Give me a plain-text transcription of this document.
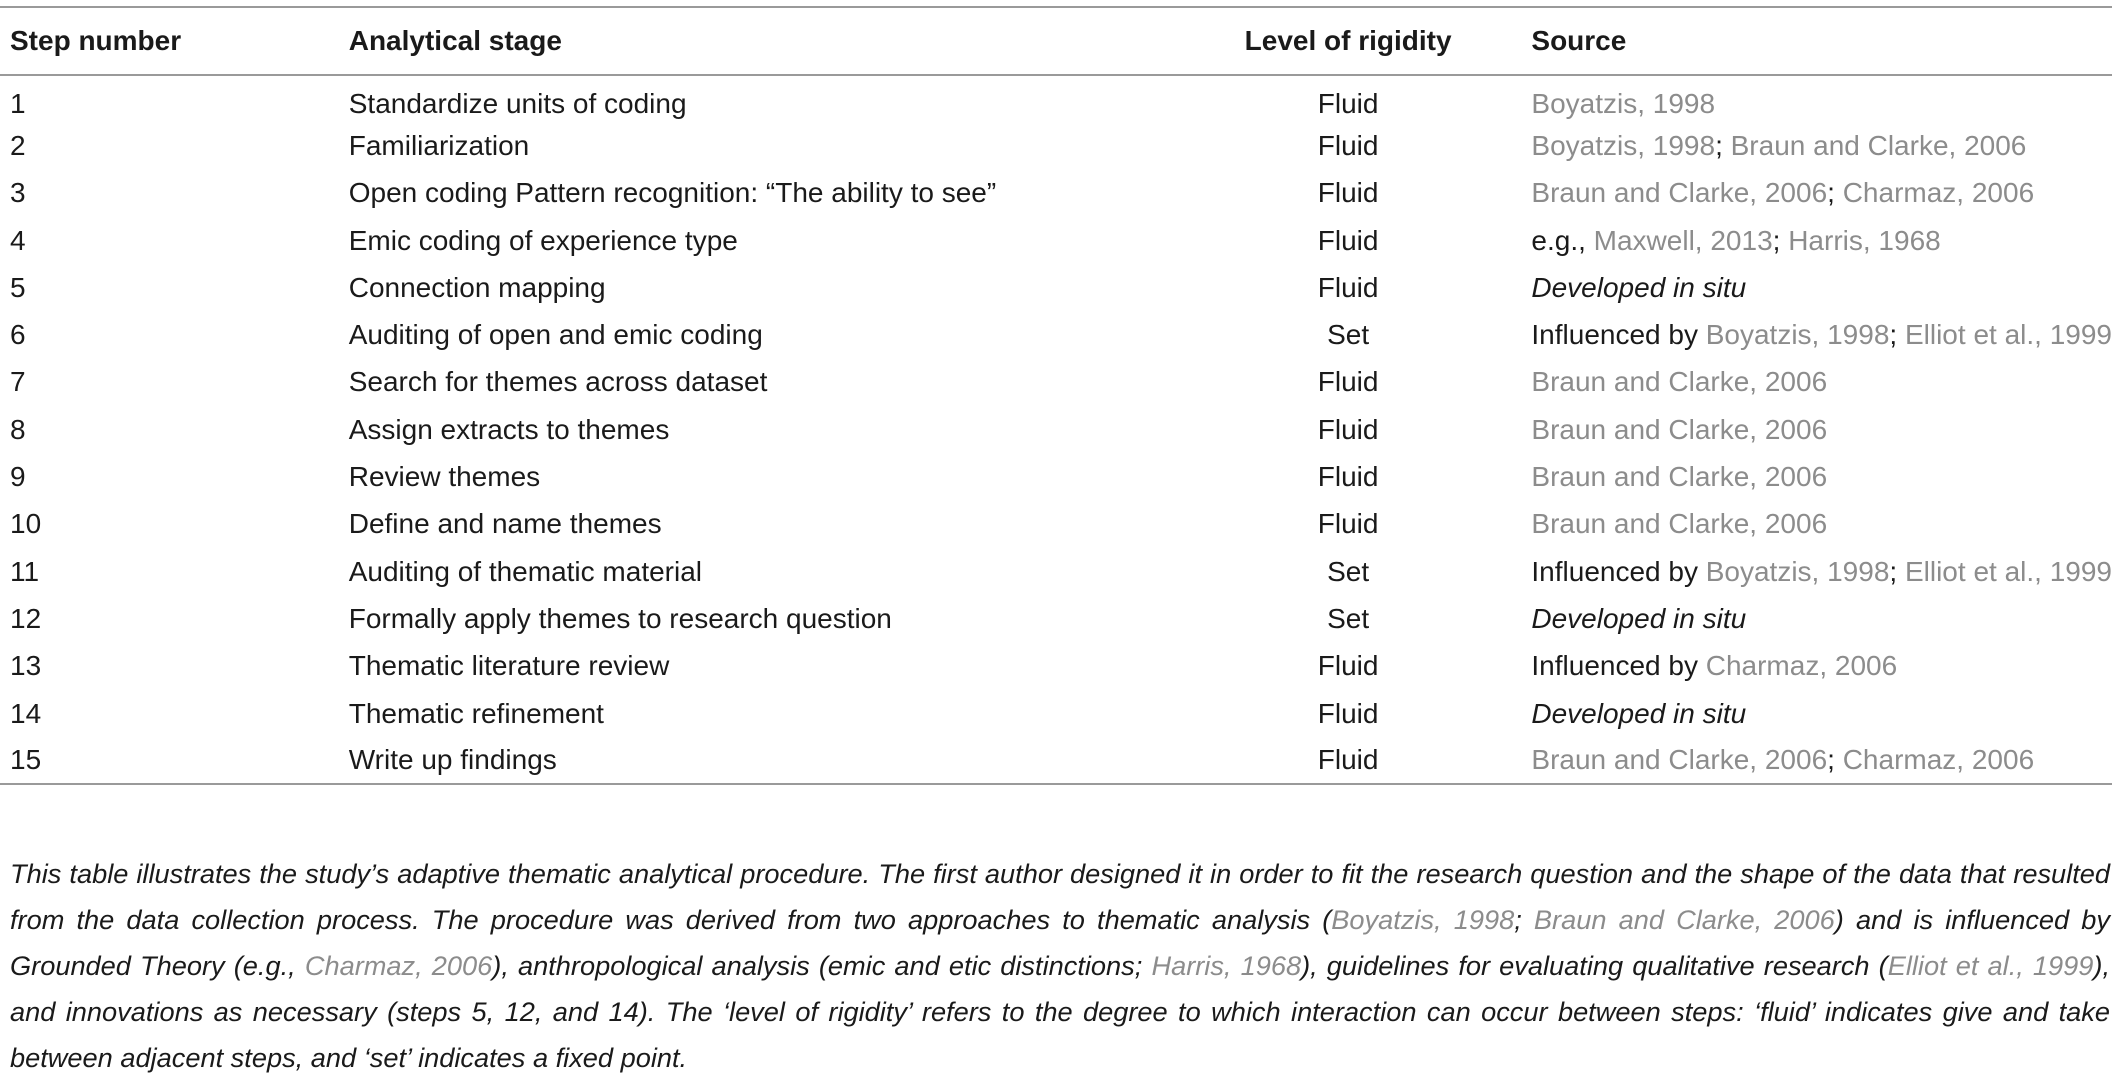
Step number	Analytical stage	Level of rigidity	Source
1	Standardize units of coding	Fluid	Boyatzis, 1998
2	Familiarization	Fluid	Boyatzis, 1998; Braun and Clarke, 2006
3	Open coding Pattern recognition: “The ability to see”	Fluid	Braun and Clarke, 2006; Charmaz, 2006
4	Emic coding of experience type	Fluid	e.g., Maxwell, 2013; Harris, 1968
5	Connection mapping	Fluid	Developed in situ
6	Auditing of open and emic coding	Set	Influenced by Boyatzis, 1998; Elliot et al., 1999
7	Search for themes across dataset	Fluid	Braun and Clarke, 2006
8	Assign extracts to themes	Fluid	Braun and Clarke, 2006
9	Review themes	Fluid	Braun and Clarke, 2006
10	Define and name themes	Fluid	Braun and Clarke, 2006
11	Auditing of thematic material	Set	Influenced by Boyatzis, 1998; Elliot et al., 1999
12	Formally apply themes to research question	Set	Developed in situ
13	Thematic literature review	Fluid	Influenced by Charmaz, 2006
14	Thematic refinement	Fluid	Developed in situ
15	Write up findings	Fluid	Braun and Clarke, 2006; Charmaz, 2006

This table illustrates the study’s adaptive thematic analytical procedure. The first author designed it in order to fit the research question and the shape of the data that resulted from the data collection process. The procedure was derived from two approaches to thematic analysis (Boyatzis, 1998; Braun and Clarke, 2006) and is influenced by Grounded Theory (e.g., Charmaz, 2006), anthropological analysis (emic and etic distinctions; Harris, 1968), guidelines for evaluating qualitative research (Elliot et al., 1999), and innovations as necessary (steps 5, 12, and 14). The ‘level of rigidity’ refers to the degree to which interaction can occur between steps: ‘fluid’ indicates give and take between adjacent steps, and ‘set’ indicates a fixed point.
